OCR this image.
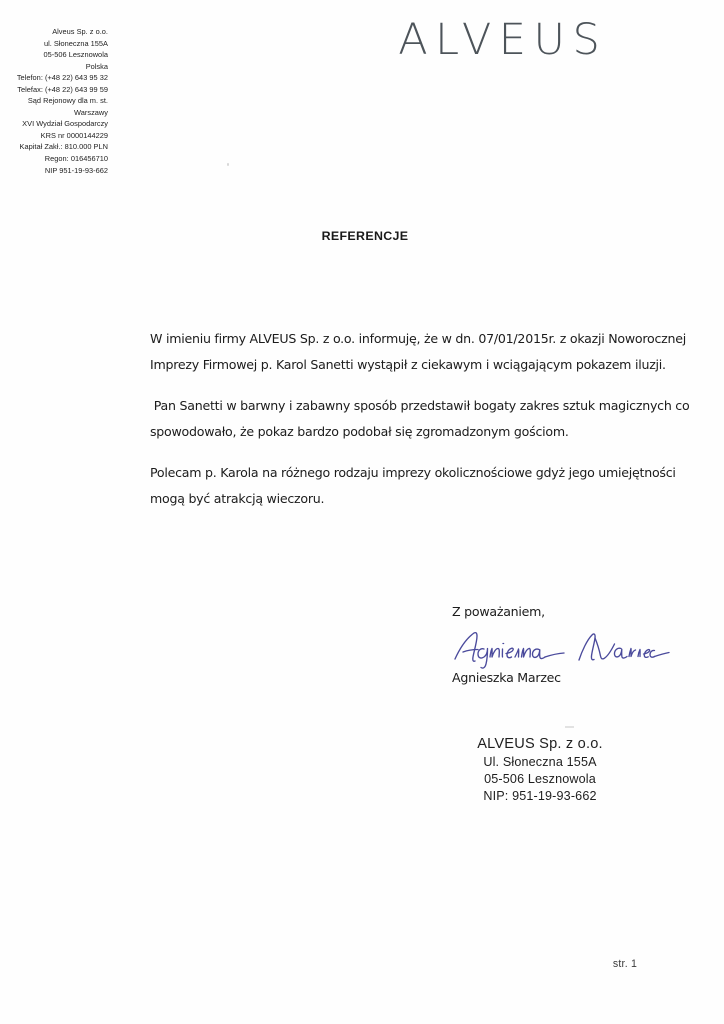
Alveus Sp. z o.o.
ul. Słoneczna 155A
05-506 Lesznowola
Polska
Telefon: (+48 22) 643 95 32
Telefax: (+48 22) 643 99 59
Sąd Rejonowy dla m. st.
Warszawy
XVI Wydział Gospodarczy
KRS nr 0000144229
Kapitał Zakł.: 810.000 PLN
Regon: 016456710
NIP 951-19-93-662
ALVEUS
REFERENCJE

W imieniu firmy ALVEUS Sp. z o.o. informuję, że w dn. 07/01/2015r. z okazji Noworocznej Imprezy Firmowej p. Karol Sanetti wystąpił z ciekawym i wciągającym pokazem iluzji.

Pan Sanetti w barwny i zabawny sposób przedstawił bogaty zakres sztuk magicznych co spowodowało, że pokaz bardzo podobał się zgromadzonym gościom.

Polecam p. Karola na różnego rodzaju imprezy okolicznościowe gdyż jego umiejętności mogą być atrakcją wieczoru.

Z poważaniem,
Agnieszka Marzec
ALVEUS Sp. z o.o.
Ul. Słoneczna 155A
05-506 Lesznowola
NIP: 951-19-93-662
str. 1
